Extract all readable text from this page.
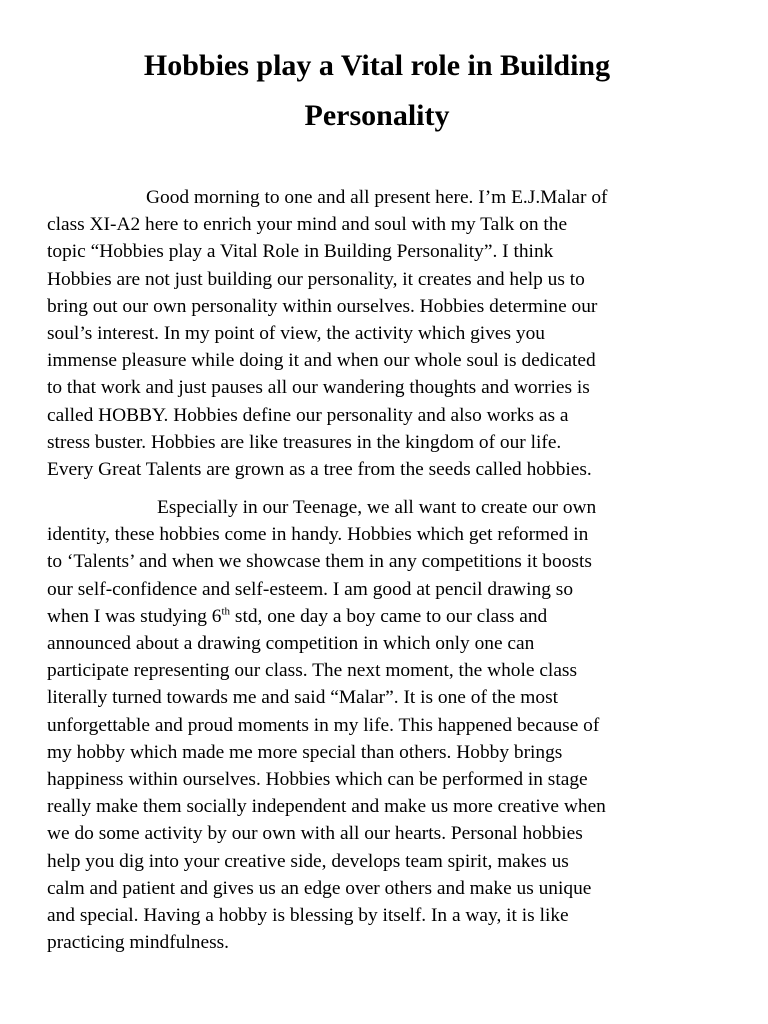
Hobbies play a Vital role in Building
Personality

Good morning to one and all present here. I’m E.J.Malar of
class XI-A2 here to enrich your mind and soul with my Talk on the
topic “Hobbies play a Vital Role in Building Personality”. I think
Hobbies are not just building our personality, it creates and help us to
bring out our own personality within ourselves. Hobbies determine our
soul’s interest. In my point of view, the activity which gives you
immense pleasure while doing it and when our whole soul is dedicated
to that work and just pauses all our wandering thoughts and worries is
called HOBBY. Hobbies define our personality and also works as a
stress buster. Hobbies are like treasures in the kingdom of our life.
Every Great Talents are grown as a tree from the seeds called hobbies.

Especially in our Teenage, we all want to create our own
identity, these hobbies come in handy. Hobbies which get reformed in
to ‘Talents’ and when we showcase them in any competitions it boosts
our self-confidence and self-esteem. I am good at pencil drawing so
when I was studying 6th std, one day a boy came to our class and
announced about a drawing competition in which only one can
participate representing our class. The next moment, the whole class
literally turned towards me and said “Malar”. It is one of the most
unforgettable and proud moments in my life. This happened because of
my hobby which made me more special than others. Hobby brings
happiness within ourselves. Hobbies which can be performed in stage
really make them socially independent and make us more creative when
we do some activity by our own with all our hearts. Personal hobbies
help you dig into your creative side, develops team spirit, makes us
calm and patient and gives us an edge over others and make us unique
and special. Having a hobby is blessing by itself. In a way, it is like
practicing mindfulness.
